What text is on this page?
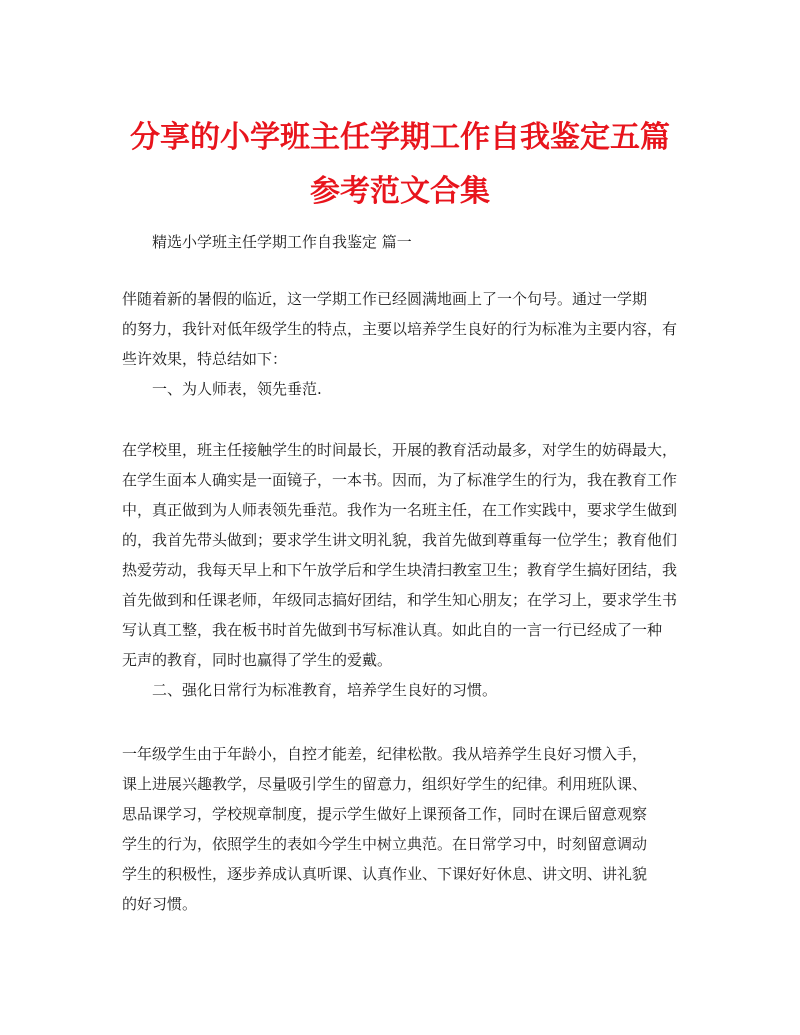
分享的小学班主任学期工作自我鉴定五篇
参考范文合集
精选小学班主任学期工作自我鉴定 篇一
伴随着新的暑假的临近，这一学期工作已经圆满地画上了一个句号。通过一学期
的努力，我针对低年级学生的特点，主要以培养学生良好的行为标准为主要内容，有
些许效果，特总结如下：
一、为人师表，领先垂范.
在学校里，班主任接触学生的时间最长，开展的教育活动最多，对学生的妨碍最大，
在学生面本人确实是一面镜子，一本书。因而，为了标准学生的行为，我在教育工作
中，真正做到为人师表领先垂范。我作为一名班主任，在工作实践中，要求学生做到
的，我首先带头做到；要求学生讲文明礼貌，我首先做到尊重每一位学生；教育他们
热爱劳动，我每天早上和下午放学后和学生块清扫教室卫生；教育学生搞好团结，我
首先做到和任课老师，年级同志搞好团结，和学生知心朋友；在学习上，要求学生书
写认真工整，我在板书时首先做到书写标准认真。如此自的一言一行已经成了一种
无声的教育，同时也赢得了学生的爱戴。
二、强化日常行为标准教育，培养学生良好的习惯。
一年级学生由于年龄小，自控才能差，纪律松散。我从培养学生良好习惯入手，
课上进展兴趣教学，尽量吸引学生的留意力，组织好学生的纪律。利用班队课、
思品课学习，学校规章制度，提示学生做好上课预备工作，同时在课后留意观察
学生的行为，依照学生的表如今学生中树立典范。在日常学习中，时刻留意调动
学生的积极性，逐步养成认真听课、认真作业、下课好好休息、讲文明、讲礼貌
的好习惯。
